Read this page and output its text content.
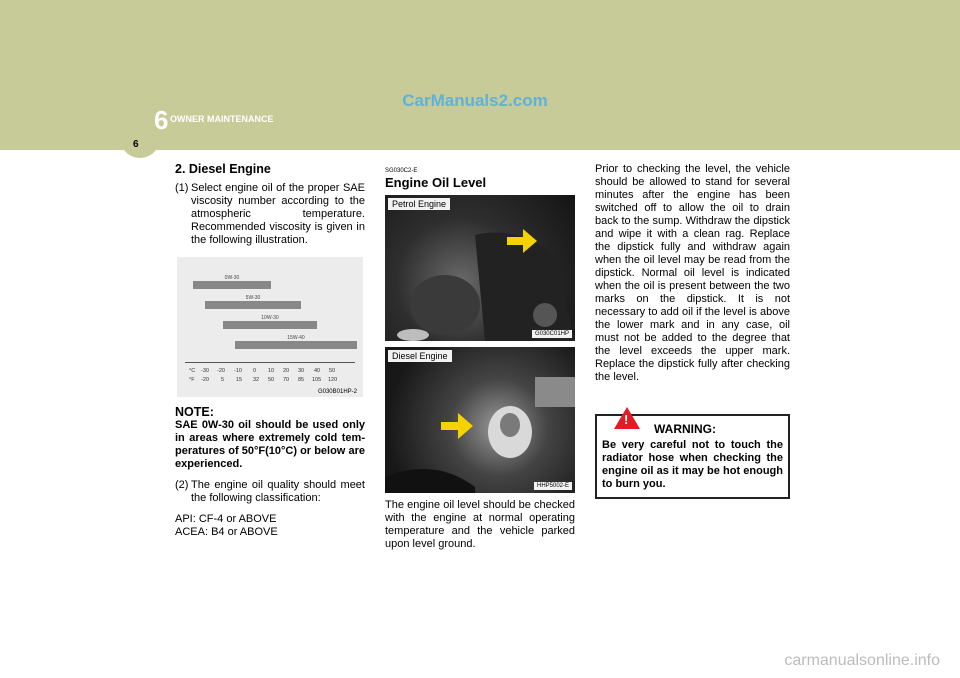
6 OWNER MAINTENANCE
6
CarManuals2.com
carmanualsonline.info
2. Diesel Engine
(1) Select engine oil of the proper SAE viscosity number according to the atmospheric temperature. Recommended viscosity is given in the following illustration.
0W-30
5W-30
10W-30
15W-40
°C
°F
-30 -20 -10 0 10 20 30 40 50
-20 5 15 32 50 70 85 105 120
G030B01HP-2
NOTE:
SAE 0W-30 oil should be used only in areas where extremely cold tem-peratures of 50°F(10°C) or below are experienced.
(2) The engine oil quality should meet the following classification:
API: CF-4 or ABOVE
ACEA: B4 or ABOVE
SG030C2-E
Engine Oil Level
Petrol Engine
G030C01HP
Diesel Engine
HHP5002-E
The engine oil level should be checked with the engine at normal operating temperature and the vehicle parked upon level ground.
Prior to checking the level, the vehicle should be allowed to stand for several minutes after the engine has been switched off to allow the oil to drain back to the sump. Withdraw the dipstick and wipe it with a clean rag. Replace the dipstick fully and withdraw again when the oil level may be read from the dipstick. Normal oil level is indicated when the oil is present between the two marks on the dipstick. It is not necessary to add oil if the level is above the lower mark and in any case, oil must not be added to the degree that the level exceeds the upper mark. Replace the dipstick fully after checking the level.
!
WARNING:
Be very careful not to touch the radiator hose when checking the engine oil as it may be hot enough to burn you.
